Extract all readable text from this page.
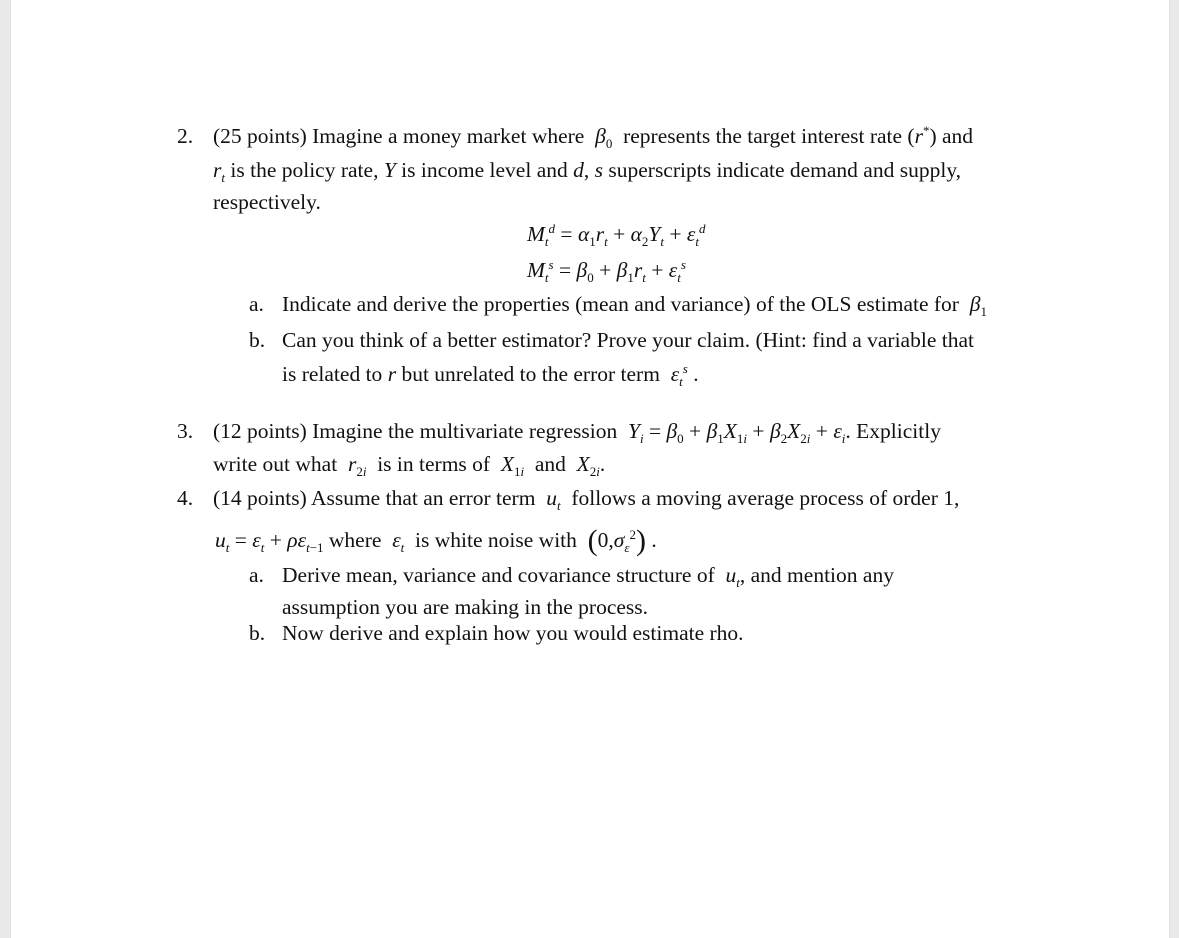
2. (25 points) Imagine a money market where  $\beta_0$ represents the target interest rate (r*) and
$r_t$ is the policy rate, Y is income level and d, s superscripts indicate demand and supply,
respectively.
$M_t^d = \alpha_1r_t + \alpha_2Y_t + \varepsilon_t^d$
$M_t^s = \beta_0 + \beta_1r_t + \varepsilon_t^s$
a. Indicate and derive the properties (mean and variance) of the OLS estimate for  $\beta_1$
b. Can you think of a better estimator? Prove your claim. (Hint: find a variable that
is related to r but unrelated to the error term  $\varepsilon_t^s$ .
3. (12 points) Imagine the multivariate regression  $Y_i = \beta_0 + \beta_1X_{1i} + \beta_2X_{2i} + \varepsilon_i$. Explicitly
write out what  $r_{2i}$ is in terms of  $X_{1i}$ and  $X_{2i}$.
4. (14 points) Assume that an error term  $u_t$ follows a moving average process of order 1,
$u_t = \varepsilon_t + \rho\varepsilon_{t-1}$ where  $\varepsilon_t$ is white noise with $(0,\sigma_\varepsilon^2)$ .
a. Derive mean, variance and covariance structure of  $u_t$, and mention any
assumption you are making in the process.
b. Now derive and explain how you would estimate rho.
